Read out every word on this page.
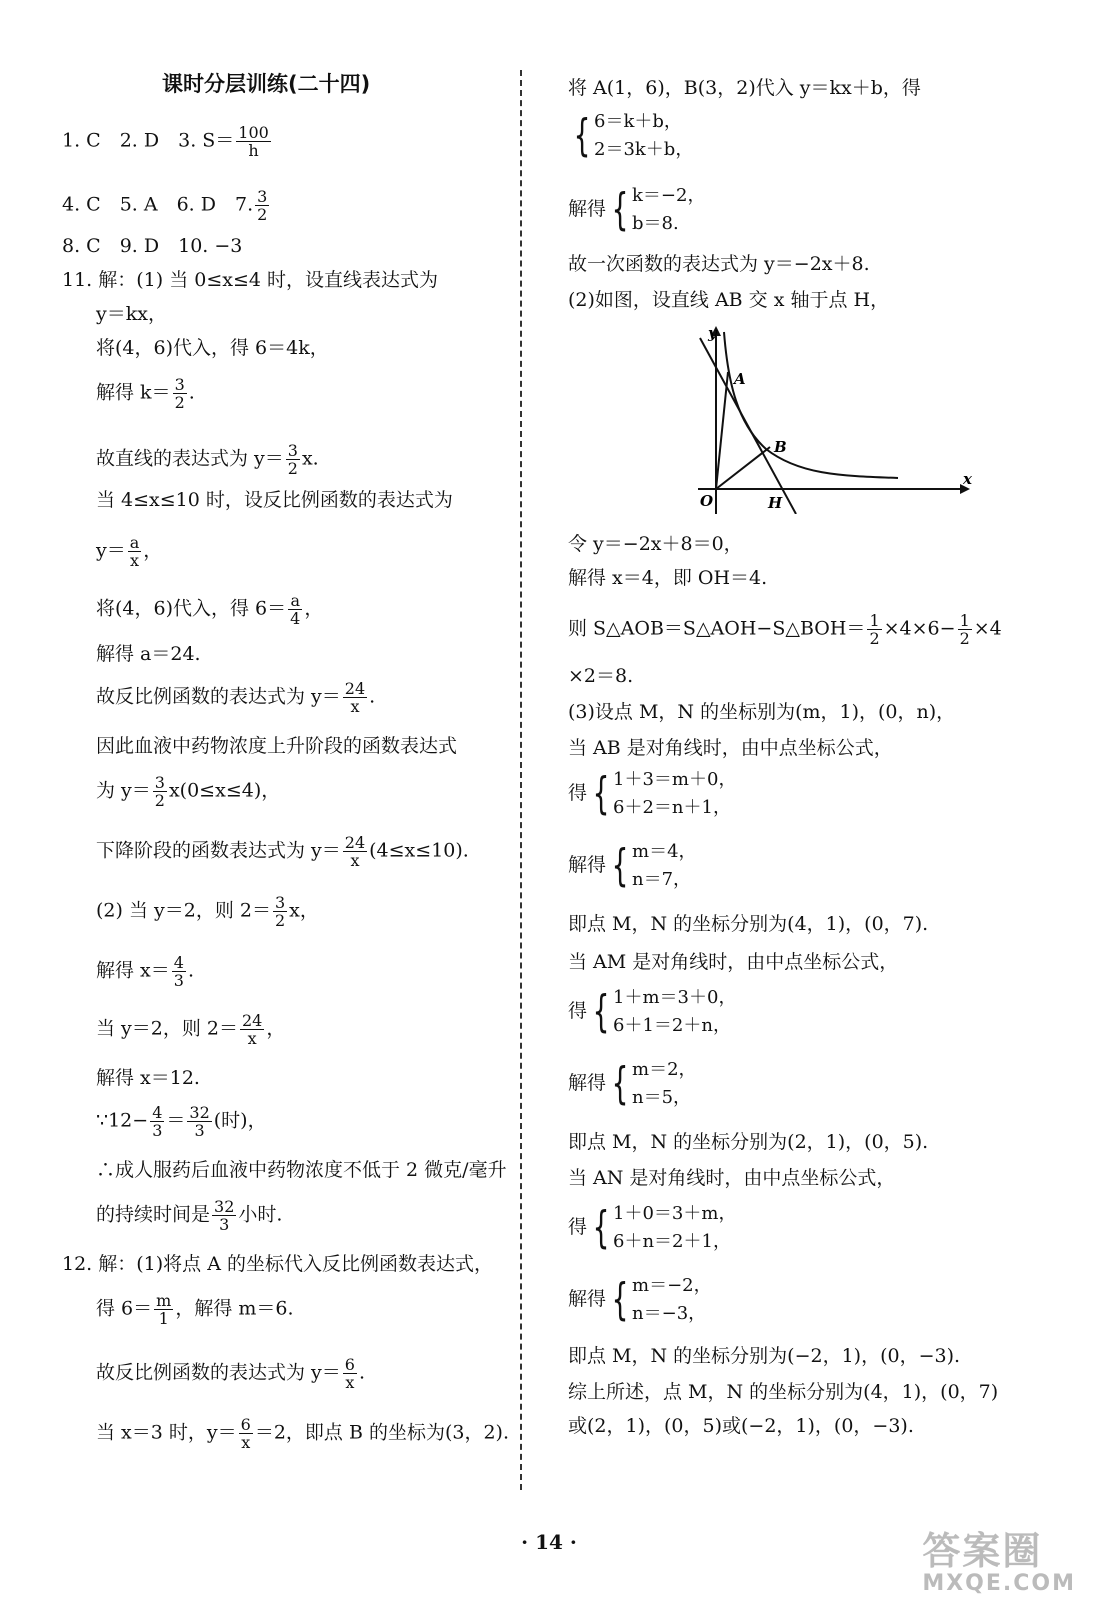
课时分层训练(二十四)
1. C　2. D　3. $S= \frac{100}{h}$
4. C　5. A　6. D　7. $\frac{3}{2}$
8. C　9. D　10. −3
11. 解：(1) 当 0≤x≤4 时，设直线表达式为
y＝kx，
将(4，6)代入，得 6＝4k，
解得 $k= \frac{3}{2}$ .
故直线的表达式为 $y= \frac{3}{2} x$.
当 4≤x≤10 时，设反比例函数的表达式为
$y= \frac{a}{x}$ ，
将(4，6)代入，得 $6= \frac{a}{4}$ ，
解得 a＝24.
故反比例函数的表达式为 $y= \frac{24}{x}$ .
因此血液中药物浓度上升阶段的函数表达式
为 $y= \frac{3}{2} x(0\le x\le 4)$，
下降阶段的函数表达式为 $y= \frac{24}{x} (4\le x\le 10)$.
(2) 当 y＝2，则 $2= \frac{3}{2}$ x，
解得 $x= \frac{4}{3}$ .
当 y＝2，则 $2= \frac{24}{x}$ ，
解得 x＝12.
∵12− $\frac{4}{3} = \frac{32}{3}$ (时)，
∴成人服药后血液中药物浓度不低于 2 微克/毫升
的持续时间是 $\frac{32}{3}$ 小时.
12. 解：(1)将点 A 的坐标代入反比例函数表达式，
得 $6= \frac{m}{1}$ ，解得 m＝6.
故反比例函数的表达式为 $y= \frac{6}{x}$ .
当 x＝3 时，$y= \frac{6}{x} =2$，即点 B 的坐标为(3，2).
将 A(1，6)，B(3，2)代入 y＝kx＋b，得
{ 6＝k＋b，
2＝3k＋b，
解得 { k＝−2，
b＝8.
故一次函数的表达式为 y＝−2x＋8.
(2)如图，设直线 AB 交 x 轴于点 H，
y
x
A
B
O	H
令 y＝−2x＋8＝0，
解得 x＝4，即 OH＝4.
则 S△AOB＝S△AOH−S△BOH＝ $\frac{1}{2} \times 4\times 6- \frac{1}{2} \times 4$
×2＝8.
(3)设点 M，N 的坐标别为(m，1)，(0，n)，
当 AB 是对角线时，由中点坐标公式，
得 { 1＋3＝m＋0，
6＋2＝n＋1，
解得 { m＝4，
n＝7，
即点 M，N 的坐标分别为(4，1)，(0，7).
当 AM 是对角线时，由中点坐标公式，
得 { 1＋m＝3＋0，
6＋1＝2＋n，
解得 { m＝2，
n＝5，
即点 M，N 的坐标分别为(2，1)，(0，5).
当 AN 是对角线时，由中点坐标公式，
得 { 1＋0＝3＋m，
6＋n＝2＋1，
解得 { m＝−2，
n＝−3，
即点 M，N 的坐标分别为(−2，1)，(0，−3).
综上所述，点 M，N 的坐标分别为(4，1)，(0，7)
或(2，1)，(0，5)或(−2，1)，(0，−3).
· 14 ·	答案圈
MXQE.COM
